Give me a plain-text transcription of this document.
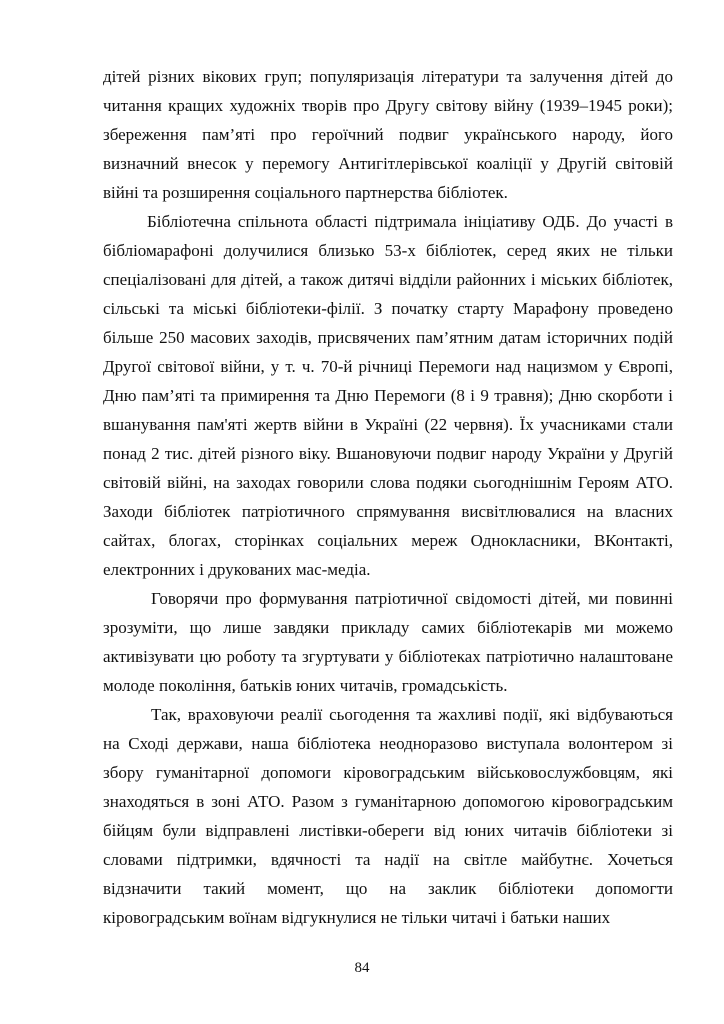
дітей різних вікових груп; популяризація літератури та залучення дітей до читання кращих художніх творів про Другу світову війну (1939–1945 роки); збереження пам’яті про героїчний подвиг українського народу, його визначний внесок у перемогу Антигітлерівської коаліції у Другій світовій війні та розширення соціального партнерства бібліотек.

Бібліотечна спільнота області підтримала ініціативу ОДБ. До участі в бібліомарафоні долучилися близько 53-х бібліотек, серед яких не тільки спеціалізовані для дітей, а також дитячі відділи районних і міських бібліотек, сільські та міські бібліотеки-філії. З початку старту Марафону проведено більше 250 масових заходів, присвячених пам’ятним датам історичних подій Другої світової війни, у т. ч. 70-й річниці Перемоги над нацизмом у Європі, Дню пам’яті та примирення та Дню Перемоги (8 і 9 травня); Дню скорботи і вшанування пам'яті жертв війни в Україні (22 червня). Їх учасниками стали понад 2 тис. дітей різного віку. Вшановуючи подвиг народу України у Другій світовій війні, на заходах говорили слова подяки сьогоднішнім Героям АТО. Заходи бібліотек патріотичного спрямування висвітлювалися на власних сайтах, блогах, сторінках соціальних мереж Однокласники, ВКонтакті, електронних і друкованих мас-медіа.

Говорячи про формування патріотичної свідомості дітей, ми повинні зрозуміти, що лише завдяки прикладу самих бібліотекарів ми можемо активізувати цю роботу та згуртувати у бібліотеках патріотично налаштоване молоде покоління, батьків юних читачів, громадськість.

Так, враховуючи реалії сьогодення та жахливі події, які відбуваються на Сході держави, наша бібліотека неодноразово виступала волонтером зі збору гуманітарної допомоги кіровоградським військовослужбовцям, які знаходяться в зоні АТО. Разом з гуманітарною допомогою кіровоградським бійцям були відправлені листівки-обереги від юних читачів бібліотеки зі словами підтримки, вдячності та надії на світле майбутнє. Хочеться відзначити такий момент, що на заклик бібліотеки допомогти кіровоградським воїнам відгукнулися не тільки читачі і батьки наших

84
